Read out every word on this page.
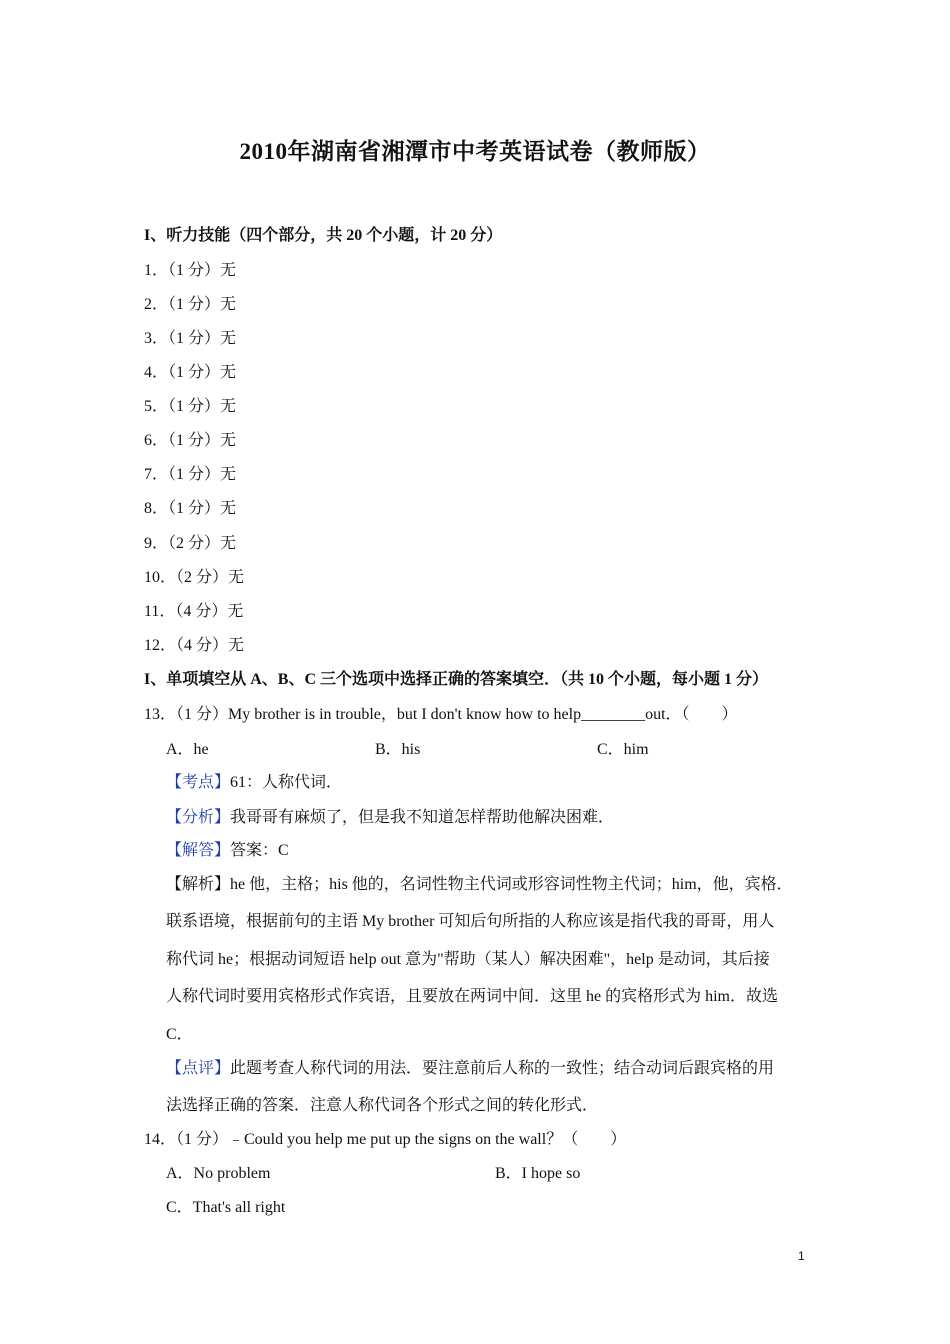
2010年湖南省湘潭市中考英语试卷（教师版）
I、听力技能（四个部分，共 20 个小题，计 20 分）
1．（1 分）无
2．（1 分）无
3．（1 分）无
4．（1 分）无
5．（1 分）无
6．（1 分）无
7．（1 分）无
8．（1 分）无
9．（2 分）无
10．（2 分）无
11．（4 分）无
12．（4 分）无
I、单项填空从 A、B、C 三个选项中选择正确的答案填空．（共 10 个小题，每小题 1 分）
13．（1 分）My brother is in trouble，but I don't know how to help________out．（　　）
A．he	B．his	C．him
【考点】61：人称代词．
【分析】我哥哥有麻烦了，但是我不知道怎样帮助他解决困难．
【解答】答案：C
【解析】he 他，主格；his 他的，名词性物主代词或形容词性物主代词；him，他，宾格．
联系语境，根据前句的主语 My brother 可知后句所指的人称应该是指代我的哥哥，用人
称代词 he；根据动词短语 help out 意为"帮助（某人）解决困难"，help 是动词，其后接
人称代词时要用宾格形式作宾语，且要放在两词中间．这里 he 的宾格形式为 him．故选
C．
【点评】此题考查人称代词的用法．要注意前后人称的一致性；结合动词后跟宾格的用
法选择正确的答案．注意人称代词各个形式之间的转化形式．
14．（1 分）﹣Could you help me put up the signs on the wall？（　　）
A．No problem	B．I hope so
C．That's all right
1
